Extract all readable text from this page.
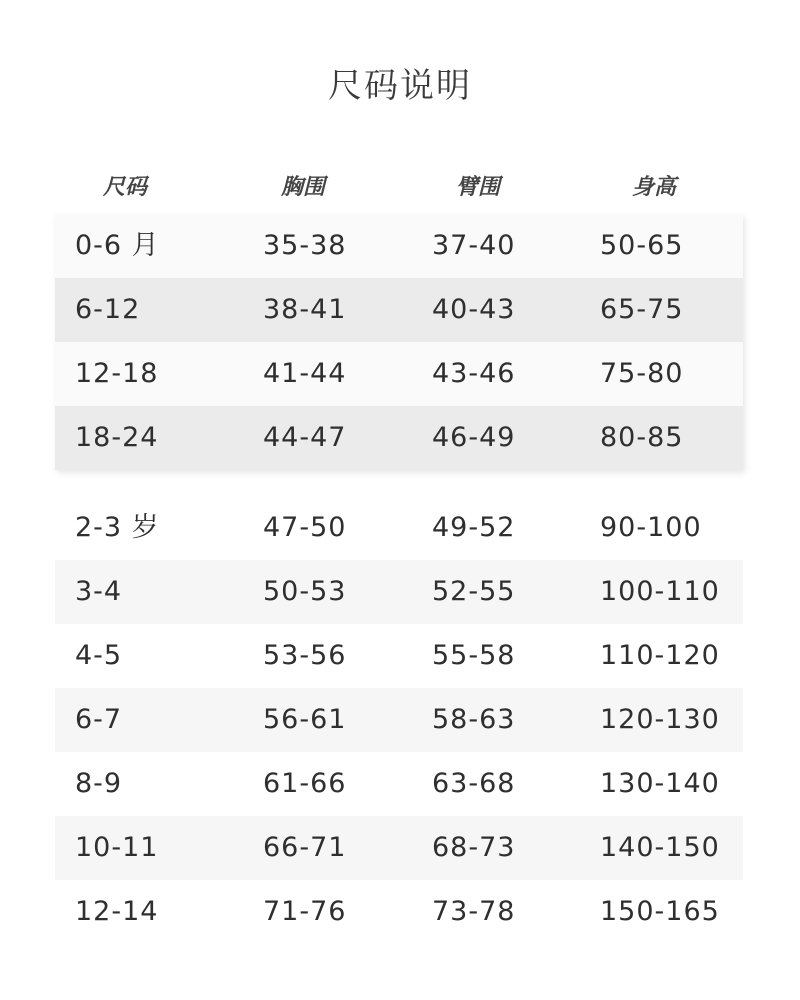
尺码说明
尺码	胸围	臂围	身高
0-6 月	35-38	37-40	50-65
6-12	38-41	40-43	65-75
12-18	41-44	43-46	75-80
18-24	44-47	46-49	80-85
2-3 岁	47-50	49-52	90-100
3-4	50-53	52-55	100-110
4-5	53-56	55-58	110-120
6-7	56-61	58-63	120-130
8-9	61-66	63-68	130-140
10-11	66-71	68-73	140-150
12-14	71-76	73-78	150-165
